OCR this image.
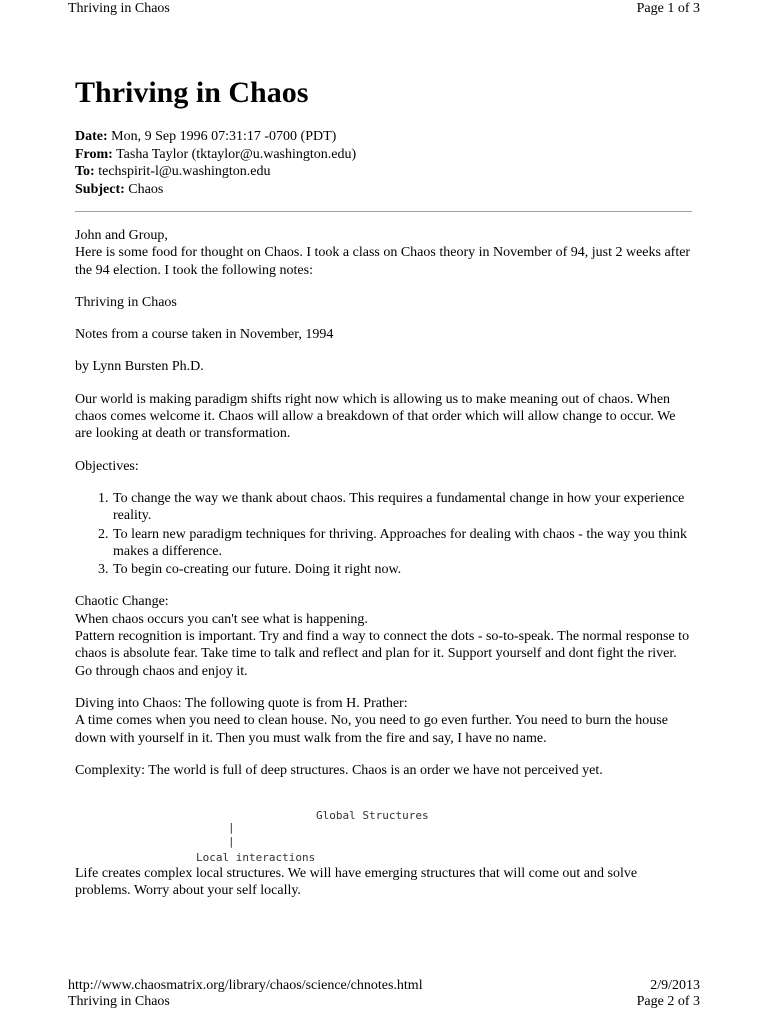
Thriving in Chaos	Page 1 of 3
Thriving in Chaos
Date: Mon, 9 Sep 1996 07:31:17 -0700 (PDT)
From: Tasha Taylor (tktaylor@u.washington.edu)
To: techspirit-l@u.washington.edu
Subject: Chaos

John and Group,
Here is some food for thought on Chaos. I took a class on Chaos theory in November of 94, just 2 weeks after the 94 election. I took the following notes:

Thriving in Chaos

Notes from a course taken in November, 1994

by Lynn Bursten Ph.D.

Our world is making paradigm shifts right now which is allowing us to make meaning out of chaos. When chaos comes welcome it. Chaos will allow a breakdown of that order which will allow change to occur. We are looking at death or transformation.

Objectives:

1. To change the way we thank about chaos. This requires a fundamental change in how your experience reality.
2. To learn new paradigm techniques for thriving. Approaches for dealing with chaos - the way you think makes a difference.
3. To begin co-creating our future. Doing it right now.

Chaotic Change:
When chaos occurs you can't see what is happening.
Pattern recognition is important. Try and find a way to connect the dots - so-to-speak. The normal response to chaos is absolute fear. Take time to talk and reflect and plan for it. Support yourself and dont fight the river. Go through chaos and enjoy it.

Diving into Chaos: The following quote is from H. Prather:
A time comes when you need to clean house. No, you need to go even further. You need to burn the house down with yourself in it. Then you must walk from the fire and say, I have no name.

Complexity: The world is full of deep structures. Chaos is an order we have not perceived yet.

Global Structures
|
|
Local interactions

Life creates complex local structures. We will have emerging structures that will come out and solve problems. Worry about your self locally.

http://www.chaosmatrix.org/library/chaos/science/chnotes.html
Thriving in Chaos
2/9/2013
Page 2 of 3
